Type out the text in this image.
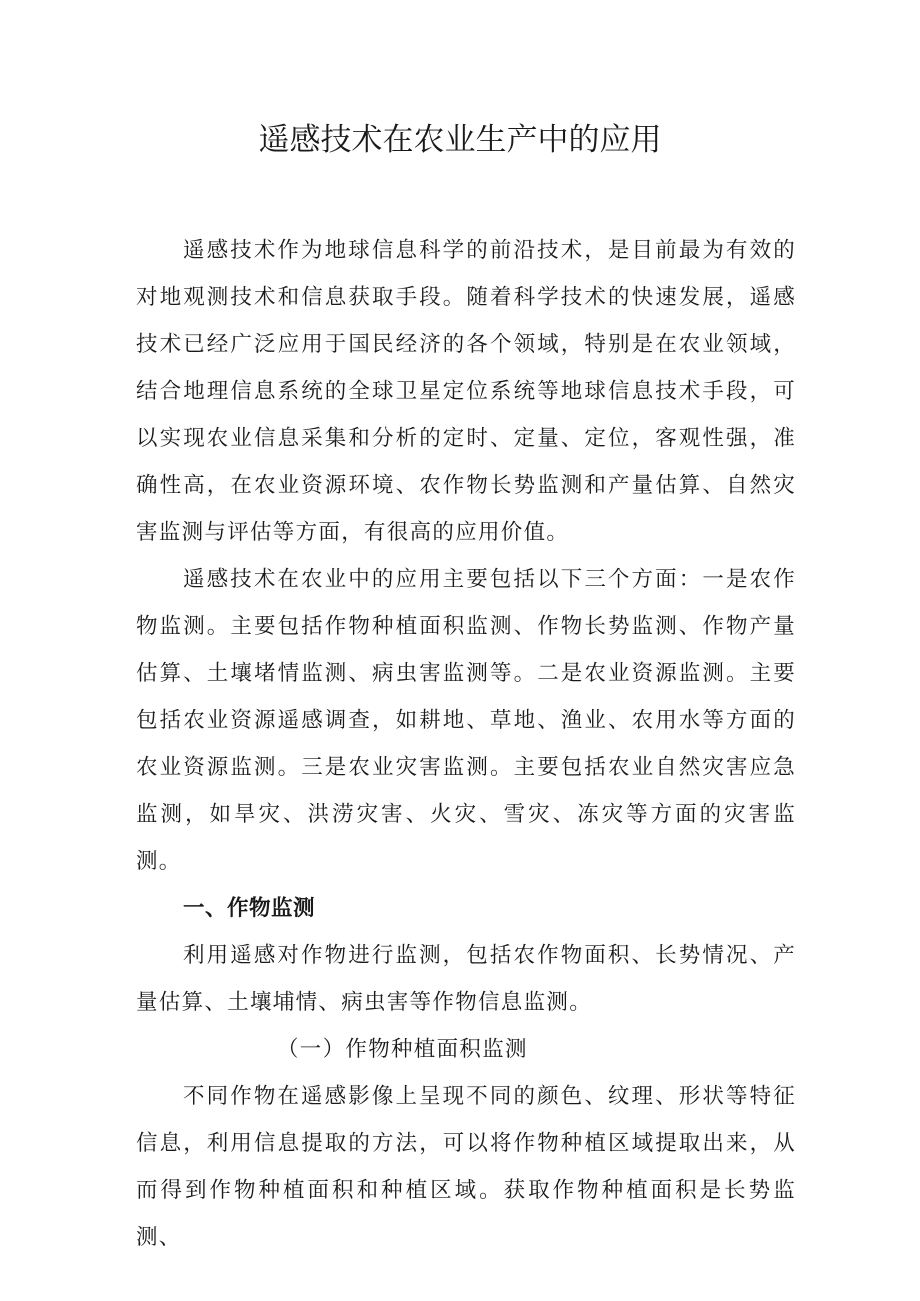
遥感技术在农业生产中的应用

遥感技术作为地球信息科学的前沿技术，是目前最为有效的对地观测技术和信息获取手段。随着科学技术的快速发展，遥感技术已经广泛应用于国民经济的各个领域，特别是在农业领域，结合地理信息系统的全球卫星定位系统等地球信息技术手段，可以实现农业信息采集和分析的定时、定量、定位，客观性强，准确性高，在农业资源环境、农作物长势监测和产量估算、自然灾害监测与评估等方面，有很高的应用价值。

遥感技术在农业中的应用主要包括以下三个方面：一是农作物监测。主要包括作物种植面积监测、作物长势监测、作物产量估算、土壤堵情监测、病虫害监测等。二是农业资源监测。主要包括农业资源遥感调查，如耕地、草地、渔业、农用水等方面的农业资源监测。三是农业灾害监测。主要包括农业自然灾害应急监测，如旱灾、洪涝灾害、火灾、雪灾、冻灾等方面的灾害监测。

一、作物监测

利用遥感对作物进行监测，包括农作物面积、长势情况、产量估算、土壤埔情、病虫害等作物信息监测。

（一）作物种植面积监测

不同作物在遥感影像上呈现不同的颜色、纹理、形状等特征信息，利用信息提取的方法，可以将作物种植区域提取出来，从而得到作物种植面积和种植区域。获取作物种植面积是长势监测、
